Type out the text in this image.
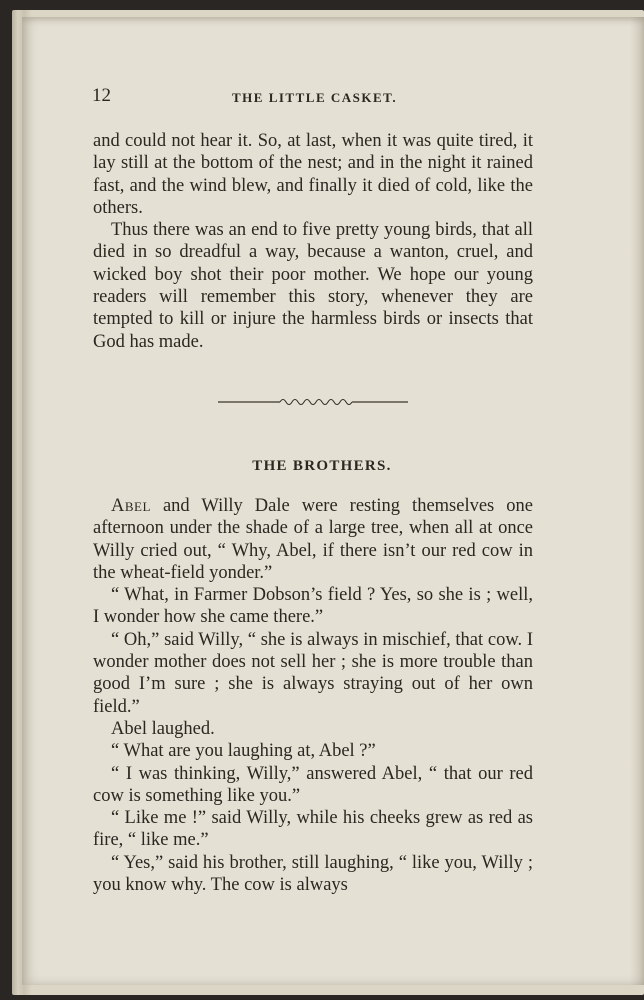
12	THE LITTLE CASKET.

and could not hear it. So, at last, when it was quite tired, it lay still at the bottom of the nest; and in the night it rained fast, and the wind blew, and finally it died of cold, like the others.

Thus there was an end to five pretty young birds, that all died in so dreadful a way, because a wanton, cruel, and wicked boy shot their poor mother. We hope our young readers will remember this story, whenever they are tempted to kill or injure the harmless birds or insects that God has made.

THE BROTHERS.

Abel and Willy Dale were resting themselves one afternoon under the shade of a large tree, when all at once Willy cried out, “ Why, Abel, if there isn’t our red cow in the wheat-field yonder.”

“ What, in Farmer Dobson’s field ? Yes, so she is ; well, I wonder how she came there.”

“ Oh,” said Willy, “ she is always in mischief, that cow. I wonder mother does not sell her ; she is more trouble than good I’m sure ; she is always straying out of her own field.”

Abel laughed.

“ What are you laughing at, Abel ?”

“ I was thinking, Willy,” answered Abel, “ that our red cow is something like you.”

“ Like me !” said Willy, while his cheeks grew as red as fire, “ like me.”

“ Yes,” said his brother, still laughing, “ like you, Willy ; you know why. The cow is always
